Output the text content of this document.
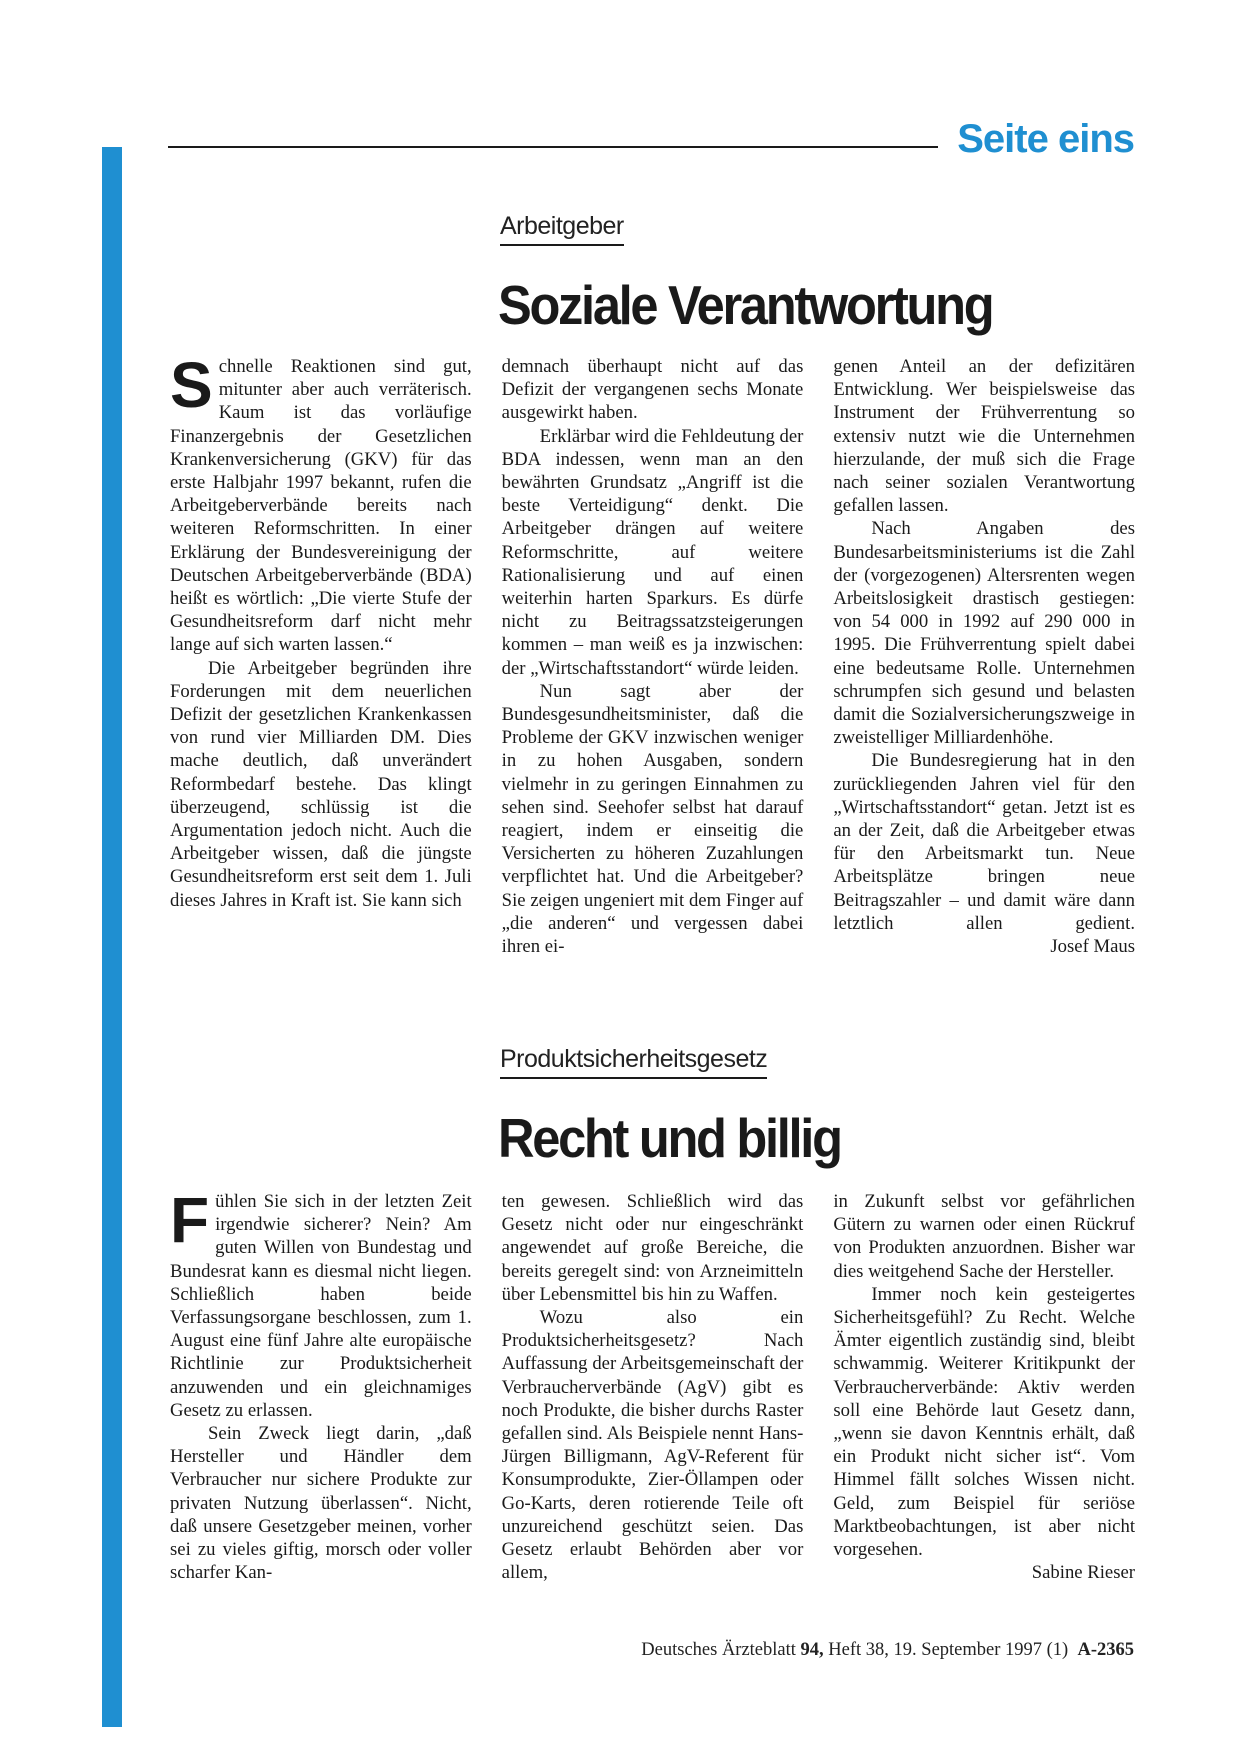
Seite eins
Arbeitgeber
Soziale Verantwortung

Schnelle Reaktionen sind gut, mitunter aber auch verräterisch. Kaum ist das vorläufige Finanzergebnis der Gesetzlichen Krankenversicherung (GKV) für das erste Halbjahr 1997 bekannt, rufen die Arbeitgeberverbände bereits nach weiteren Reformschritten. In einer Erklärung der Bundesvereinigung der Deutschen Arbeitgeberverbände (BDA) heißt es wörtlich: „Die vierte Stufe der Gesundheitsreform darf nicht mehr lange auf sich warten lassen.“

Die Arbeitgeber begründen ihre Forderungen mit dem neuerlichen Defizit der gesetzlichen Krankenkassen von rund vier Milliarden DM. Dies mache deutlich, daß unverändert Reformbedarf bestehe. Das klingt überzeugend, schlüssig ist die Argumentation jedoch nicht. Auch die Arbeitgeber wissen, daß die jüngste Gesundheitsreform erst seit dem 1. Juli dieses Jahres in Kraft ist. Sie kann sich

demnach überhaupt nicht auf das Defizit der vergangenen sechs Monate ausgewirkt haben.

Erklärbar wird die Fehldeutung der BDA indessen, wenn man an den bewährten Grundsatz „Angriff ist die beste Verteidigung“ denkt. Die Arbeitgeber drängen auf weitere Reformschritte, auf weitere Rationalisierung und auf einen weiterhin harten Sparkurs. Es dürfe nicht zu Beitragssatzsteigerungen kommen – man weiß es ja inzwischen: der „Wirtschaftsstandort“ würde leiden.

Nun sagt aber der Bundesgesundheitsminister, daß die Probleme der GKV inzwischen weniger in zu hohen Ausgaben, sondern vielmehr in zu geringen Einnahmen zu sehen sind. Seehofer selbst hat darauf reagiert, indem er einseitig die Versicherten zu höheren Zuzahlungen verpflichtet hat. Und die Arbeitgeber? Sie zeigen ungeniert mit dem Finger auf „die anderen“ und vergessen dabei ihren ei-

genen Anteil an der defizitären Entwicklung. Wer beispielsweise das Instrument der Frühverrentung so extensiv nutzt wie die Unternehmen hierzulande, der muß sich die Frage nach seiner sozialen Verantwortung gefallen lassen.

Nach Angaben des Bundesarbeitsministeriums ist die Zahl der (vorgezogenen) Altersrenten wegen Arbeitslosigkeit drastisch gestiegen: von 54 000 in 1992 auf 290 000 in 1995. Die Frühverrentung spielt dabei eine bedeutsame Rolle. Unternehmen schrumpfen sich gesund und belasten damit die Sozialversicherungszweige in zweistelliger Milliardenhöhe.

Die Bundesregierung hat in den zurückliegenden Jahren viel für den „Wirtschaftsstandort“ getan. Jetzt ist es an der Zeit, daß die Arbeitgeber etwas für den Arbeitsmarkt tun. Neue Arbeitsplätze bringen neue Beitragszahler – und damit wäre dann letztlich allen gedient.

Josef Maus
Produktsicherheitsgesetz
Recht und billig

Fühlen Sie sich in der letzten Zeit irgendwie sicherer? Nein? Am guten Willen von Bundestag und Bundesrat kann es diesmal nicht liegen. Schließlich haben beide Verfassungsorgane beschlossen, zum 1. August eine fünf Jahre alte europäische Richtlinie zur Produktsicherheit anzuwenden und ein gleichnamiges Gesetz zu erlassen.

Sein Zweck liegt darin, „daß Hersteller und Händler dem Verbraucher nur sichere Produkte zur privaten Nutzung überlassen“. Nicht, daß unsere Gesetzgeber meinen, vorher sei zu vieles giftig, morsch oder voller scharfer Kan-

ten gewesen. Schließlich wird das Gesetz nicht oder nur eingeschränkt angewendet auf große Bereiche, die bereits geregelt sind: von Arzneimitteln über Lebensmittel bis hin zu Waffen.

Wozu also ein Produktsicherheitsgesetz? Nach Auffassung der Arbeitsgemeinschaft der Verbraucherverbände (AgV) gibt es noch Produkte, die bisher durchs Raster gefallen sind. Als Beispiele nennt Hans-Jürgen Billigmann, AgV-Referent für Konsumprodukte, Zier-Öllampen oder Go-Karts, deren rotierende Teile oft unzureichend geschützt seien. Das Gesetz erlaubt Behörden aber vor allem,

in Zukunft selbst vor gefährlichen Gütern zu warnen oder einen Rückruf von Produkten anzuordnen. Bisher war dies weitgehend Sache der Hersteller.

Immer noch kein gesteigertes Sicherheitsgefühl? Zu Recht. Welche Ämter eigentlich zuständig sind, bleibt schwammig. Weiterer Kritikpunkt der Verbraucherverbände: Aktiv werden soll eine Behörde laut Gesetz dann, „wenn sie davon Kenntnis erhält, daß ein Produkt nicht sicher ist“. Vom Himmel fällt solches Wissen nicht. Geld, zum Beispiel für seriöse Marktbeobachtungen, ist aber nicht vorgesehen.

Sabine Rieser
Deutsches Ärzteblatt 94, Heft 38, 19. September 1997 (1) A-2365
